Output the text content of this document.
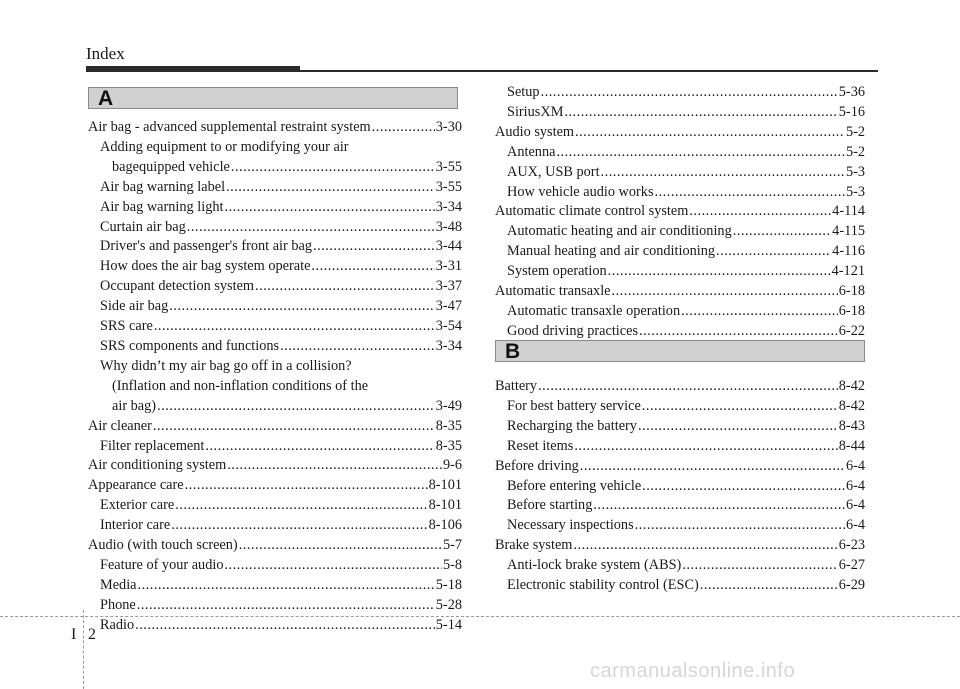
Index
A
Air bag - advanced supplemental restraint system .....	3-30
Adding equipment to or modifying your air
bagequipped vehicle .....	3-55
Air bag warning label .....	3-55
Air bag warning light .....	3-34
Curtain air bag .....	3-48
Driver's and passenger's front air bag .....	3-44
How does the air bag system operate .....	3-31
Occupant detection system .....	3-37
Side air bag .....	3-47
SRS care .....	3-54
SRS components and functions .....	3-34
Why didn’t my air bag go off in a collision?
(Inflation and non-inflation conditions of the
air bag) .....	3-49
Air cleaner .....	8-35
Filter replacement .....	8-35
Air conditioning system .....	9-6
Appearance care .....	8-101
Exterior care .....	8-101
Interior care .....	8-106
Audio (with touch screen) .....	5-7
Feature of your audio .....	5-8
Media .....	5-18
Phone .....	5-28
Radio .....	5-14
Setup .....	5-36
SiriusXM .....	5-16
Audio system .....	5-2
Antenna .....	5-2
AUX, USB port .....	5-3
How vehicle audio works .....	5-3
Automatic climate control system .....	4-114
Automatic heating and air conditioning .....	4-115
Manual heating and air conditioning .....	4-116
System operation .....	4-121
Automatic transaxle .....	6-18
Automatic transaxle operation .....	6-18
Good driving practices .....	6-22
B
Battery .....	8-42
For best battery service .....	8-42
Recharging the battery .....	8-43
Reset items .....	8-44
Before driving .....	6-4
Before entering vehicle .....	6-4
Before starting .....	6-4
Necessary inspections .....	6-4
Brake system .....	6-23
Anti-lock brake system (ABS) .....	6-27
Electronic stability control (ESC) .....	6-29
I 2
carmanualsonline.info
